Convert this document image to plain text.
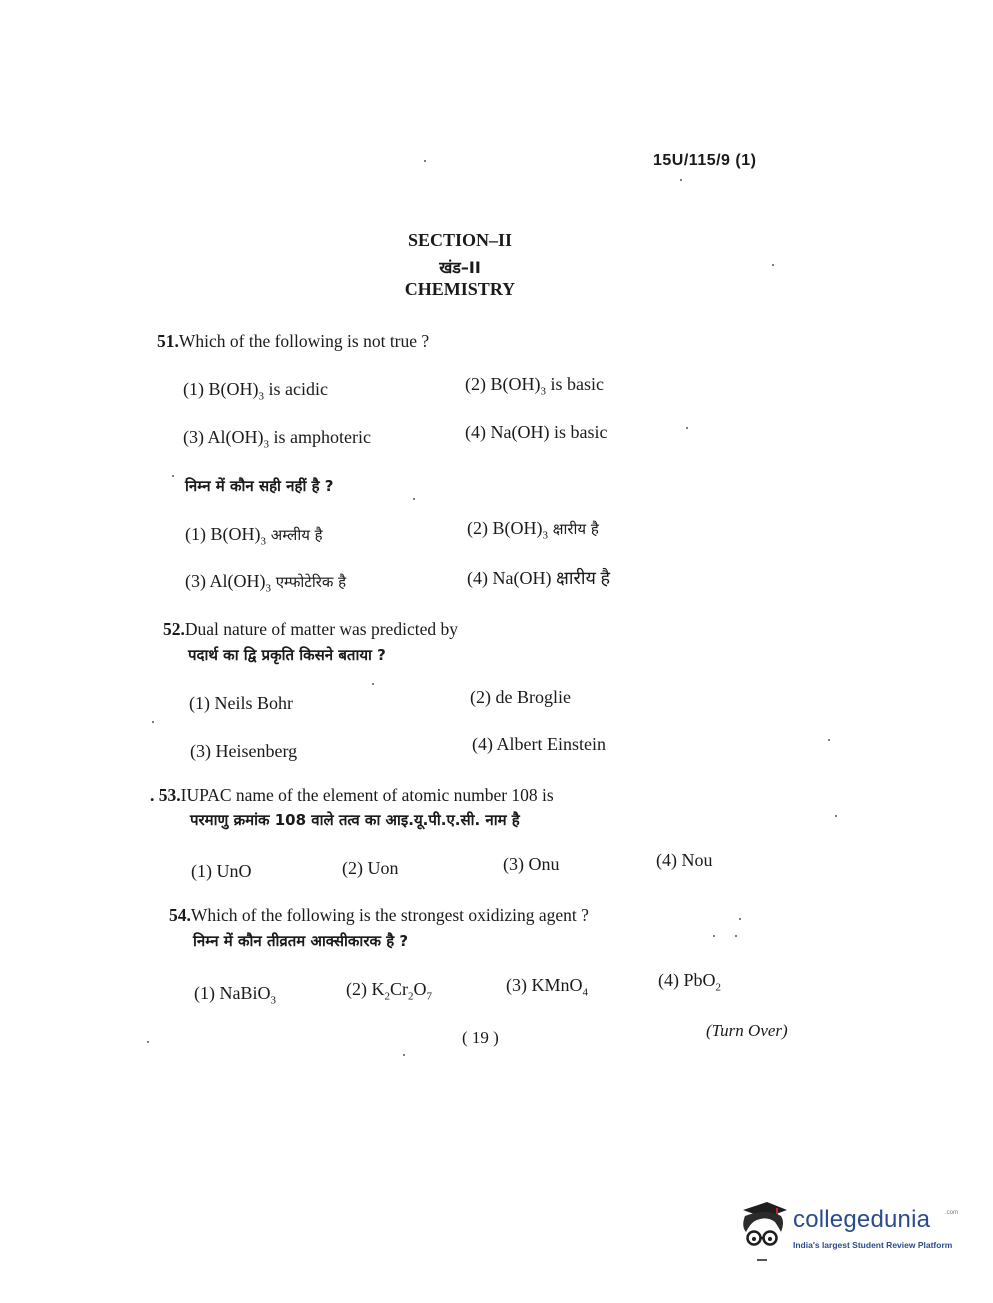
15U/115/9 (1)
SECTION–II
खंड–II
CHEMISTRY
51.Which of the following is not true ?
(1) $B(OH)_3$ is acidic	(2) $B(OH)_3$ is basic
(3) $Al(OH)_3$ is amphoteric	(4) Na(OH) is basic
निम्न में कौन सही नहीं है ?
(1) $B(OH)_3$ अम्लीय है	(2) $B(OH)_3$ क्षारीय है
(3) $Al(OH)_3$ एम्फोटेरिक है	(4) Na(OH) क्षारीय है
52.Dual nature of matter was predicted by
पदार्थ का द्वि प्रकृति किसने बताया ?
(1) Neils Bohr	(2) de Broglie
(3) Heisenberg	(4) Albert Einstein
. 53.IUPAC name of the element of atomic number 108 is
परमाणु क्रमांक 108 वाले तत्व का आइ.यू.पी.ए.सी. नाम है
(1) UnO	(2) Uon	(3) Onu	(4) Nou
54.Which of the following is the strongest oxidizing agent ?
निम्न में कौन तीव्रतम आक्सीकारक है ?
(1) NaBiO$_3$
(2) $K_2Cr_2O_7$
(3) KMnO$_4$
(4) PbO$_2$
( 19 )	(Turn Over)
collegedunia .com
India's largest Student Review Platform
